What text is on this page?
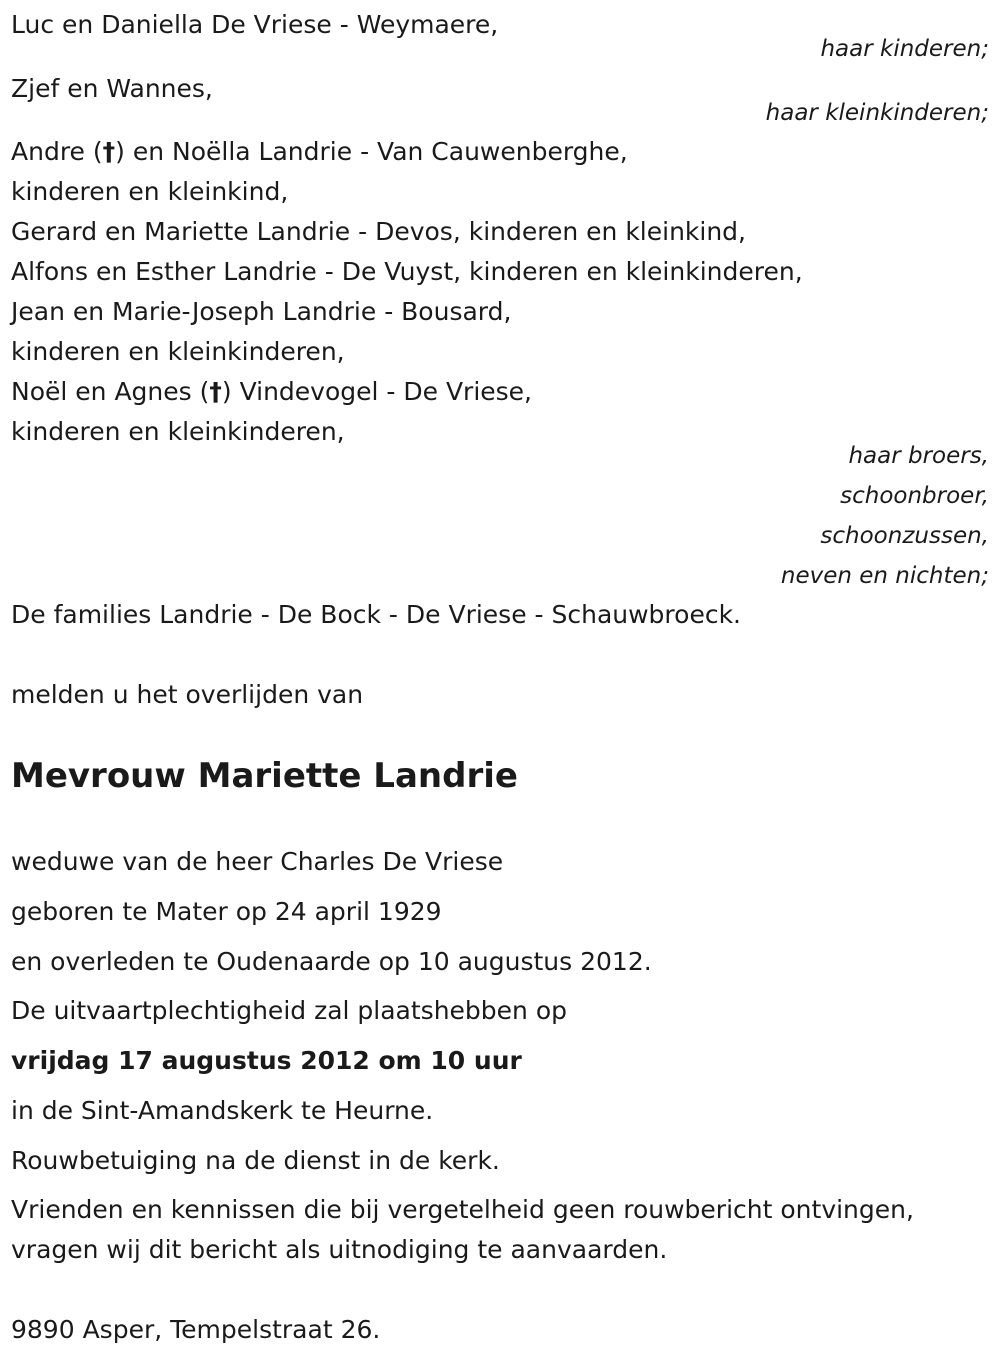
Luc en Daniella De Vriese - Weymaere,
haar kinderen;
Zjef en Wannes,
haar kleinkinderen;
Andre (†) en Noëlla Landrie - Van Cauwenberghe,
kinderen en kleinkind,
Gerard en Mariette Landrie - Devos, kinderen en kleinkind,
Alfons en Esther Landrie - De Vuyst, kinderen en kleinkinderen,
Jean en Marie-Joseph Landrie - Bousard,
kinderen en kleinkinderen,
Noël en Agnes (†) Vindevogel - De Vriese,
kinderen en kleinkinderen,
haar broers,
schoonbroer,
schoonzussen,
neven en nichten;
De families Landrie - De Bock - De Vriese - Schauwbroeck.
melden u het overlijden van
Mevrouw Mariette Landrie
weduwe van de heer Charles De Vriese
geboren te Mater op 24 april 1929
en overleden te Oudenaarde op 10 augustus 2012.
De uitvaartplechtigheid zal plaatshebben op
vrijdag 17 augustus 2012 om 10 uur
in de Sint-Amandskerk te Heurne.
Rouwbetuiging na de dienst in de kerk.
Vrienden en kennissen die bij vergetelheid geen rouwbericht ontvingen,
vragen wij dit bericht als uitnodiging te aanvaarden.
9890 Asper, Tempelstraat 26.
